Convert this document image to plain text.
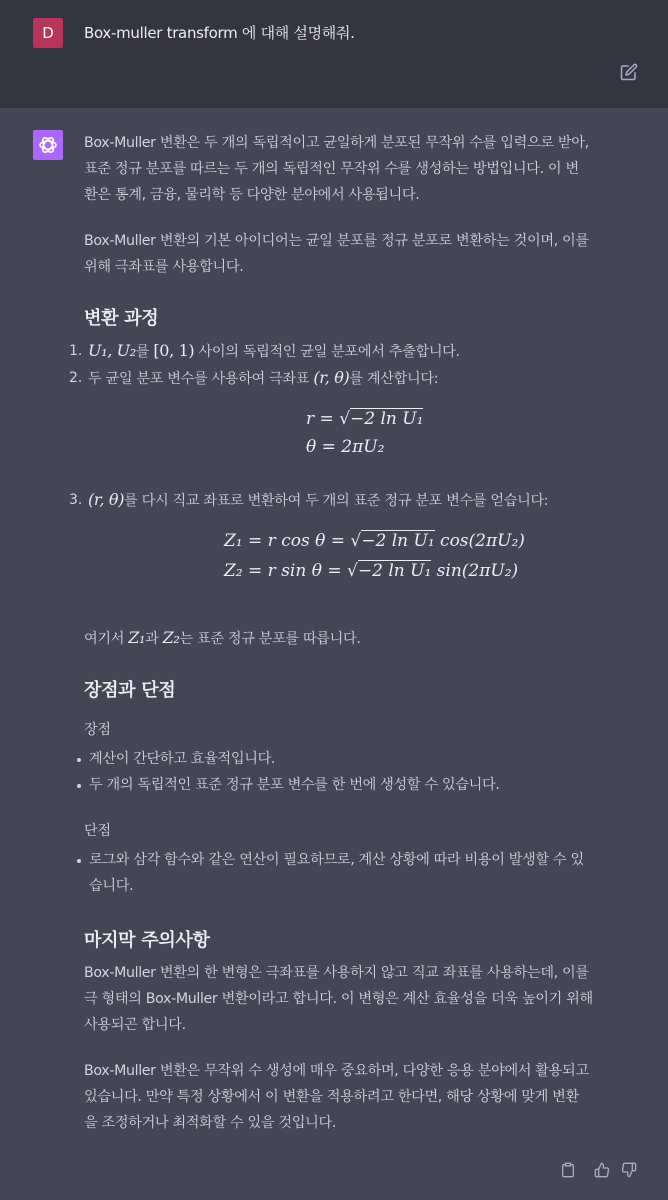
D	Box-muller transform 에 대해 설명해줘.
Box-Muller 변환은 두 개의 독립적이고 균일하게 분포된 무작위 수를 입력으로 받아,
표준 정규 분포를 따르는 두 개의 독립적인 무작위 수를 생성하는 방법입니다. 이 변
환은 통계, 금융, 물리학 등 다양한 분야에서 사용됩니다.
Box-Muller 변환의 기본 아이디어는 균일 분포를 정규 분포로 변환하는 것이며, 이를
위해 극좌표를 사용합니다.
변환 과정
1. U₁, U₂를 [0, 1) 사이의 독립적인 균일 분포에서 추출합니다.
2. 두 균일 분포 변수를 사용하여 극좌표 (r, θ)를 계산합니다:
r = √−2 ln U₁
θ = 2πU₂
3. (r, θ)를 다시 직교 좌표로 변환하여 두 개의 표준 정규 분포 변수를 얻습니다:
Z₁ = r cos θ = √−2 ln U₁ cos(2πU₂)
Z₂ = r sin θ = √−2 ln U₁ sin(2πU₂)
여기서 Z₁과 Z₂는 표준 정규 분포를 따릅니다.
장점과 단점
장점
계산이 간단하고 효율적입니다.
두 개의 독립적인 표준 정규 분포 변수를 한 번에 생성할 수 있습니다.
단점
로그와 삼각 함수와 같은 연산이 필요하므로, 계산 상황에 따라 비용이 발생할 수 있
습니다.
마지막 주의사항
Box-Muller 변환의 한 변형은 극좌표를 사용하지 않고 직교 좌표를 사용하는데, 이를
극 형태의 Box-Muller 변환이라고 합니다. 이 변형은 계산 효율성을 더욱 높이기 위해
사용되곤 합니다.
Box-Muller 변환은 무작위 수 생성에 매우 중요하며, 다양한 응용 분야에서 활용되고
있습니다. 만약 특정 상황에서 이 변환을 적용하려고 한다면, 해당 상황에 맞게 변환
을 조정하거나 최적화할 수 있을 것입니다.
